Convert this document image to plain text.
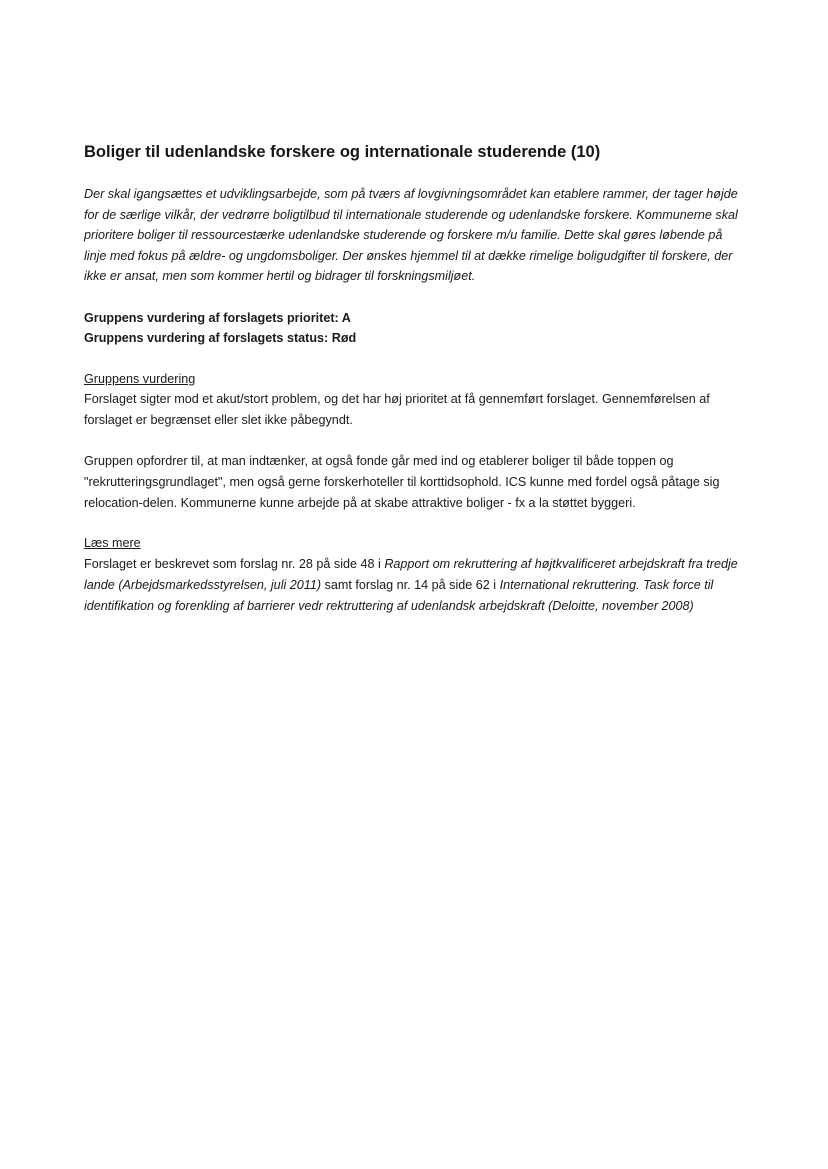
Boliger til udenlandske forskere og internationale studerende (10)

Der skal igangsættes et udviklingsarbejde, som på tværs af lovgivningsområdet kan etablere rammer, der tager højde for de særlige vilkår, der vedrørre boligtilbud til internationale studerende og udenlandske forskere. Kommunerne skal prioritere boliger til ressourcestærke udenlandske studerende og forskere m/u familie. Dette skal gøres løbende på linje med fokus på ældre- og ungdomsboliger. Der ønskes hjemmel til at dække rimelige boligudgifter til forskere, der ikke er ansat, men som kommer hertil og bidrager til forskningsmiljøet.

Gruppens vurdering af forslagets prioritet: A
Gruppens vurdering af forslagets status: Rød
Gruppens vurdering

Forslaget sigter mod et akut/stort problem, og det har høj prioritet at få gennemført forslaget. Gennemførelsen af forslaget er begrænset eller slet ikke påbegyndt.

Gruppen opfordrer til, at man indtænker, at også fonde går med ind og etablerer boliger til både toppen og "rekrutteringsgrundlaget", men også gerne forskerhoteller til korttidsophold. ICS kunne med fordel også påtage sig relocation-delen. Kommunerne kunne arbejde på at skabe attraktive boliger - fx a la støttet byggeri.

Læs mere

Forslaget er beskrevet som forslag nr. 28 på side 48 i Rapport om rekruttering af højtkvalificeret arbejdskraft fra tredje lande (Arbejdsmarkedsstyrelsen, juli 2011) samt forslag nr. 14 på side 62 i International rekruttering. Task force til identifikation og forenkling af barrierer vedr rektruttering af udenlandsk arbejdskraft (Deloitte, november 2008)
